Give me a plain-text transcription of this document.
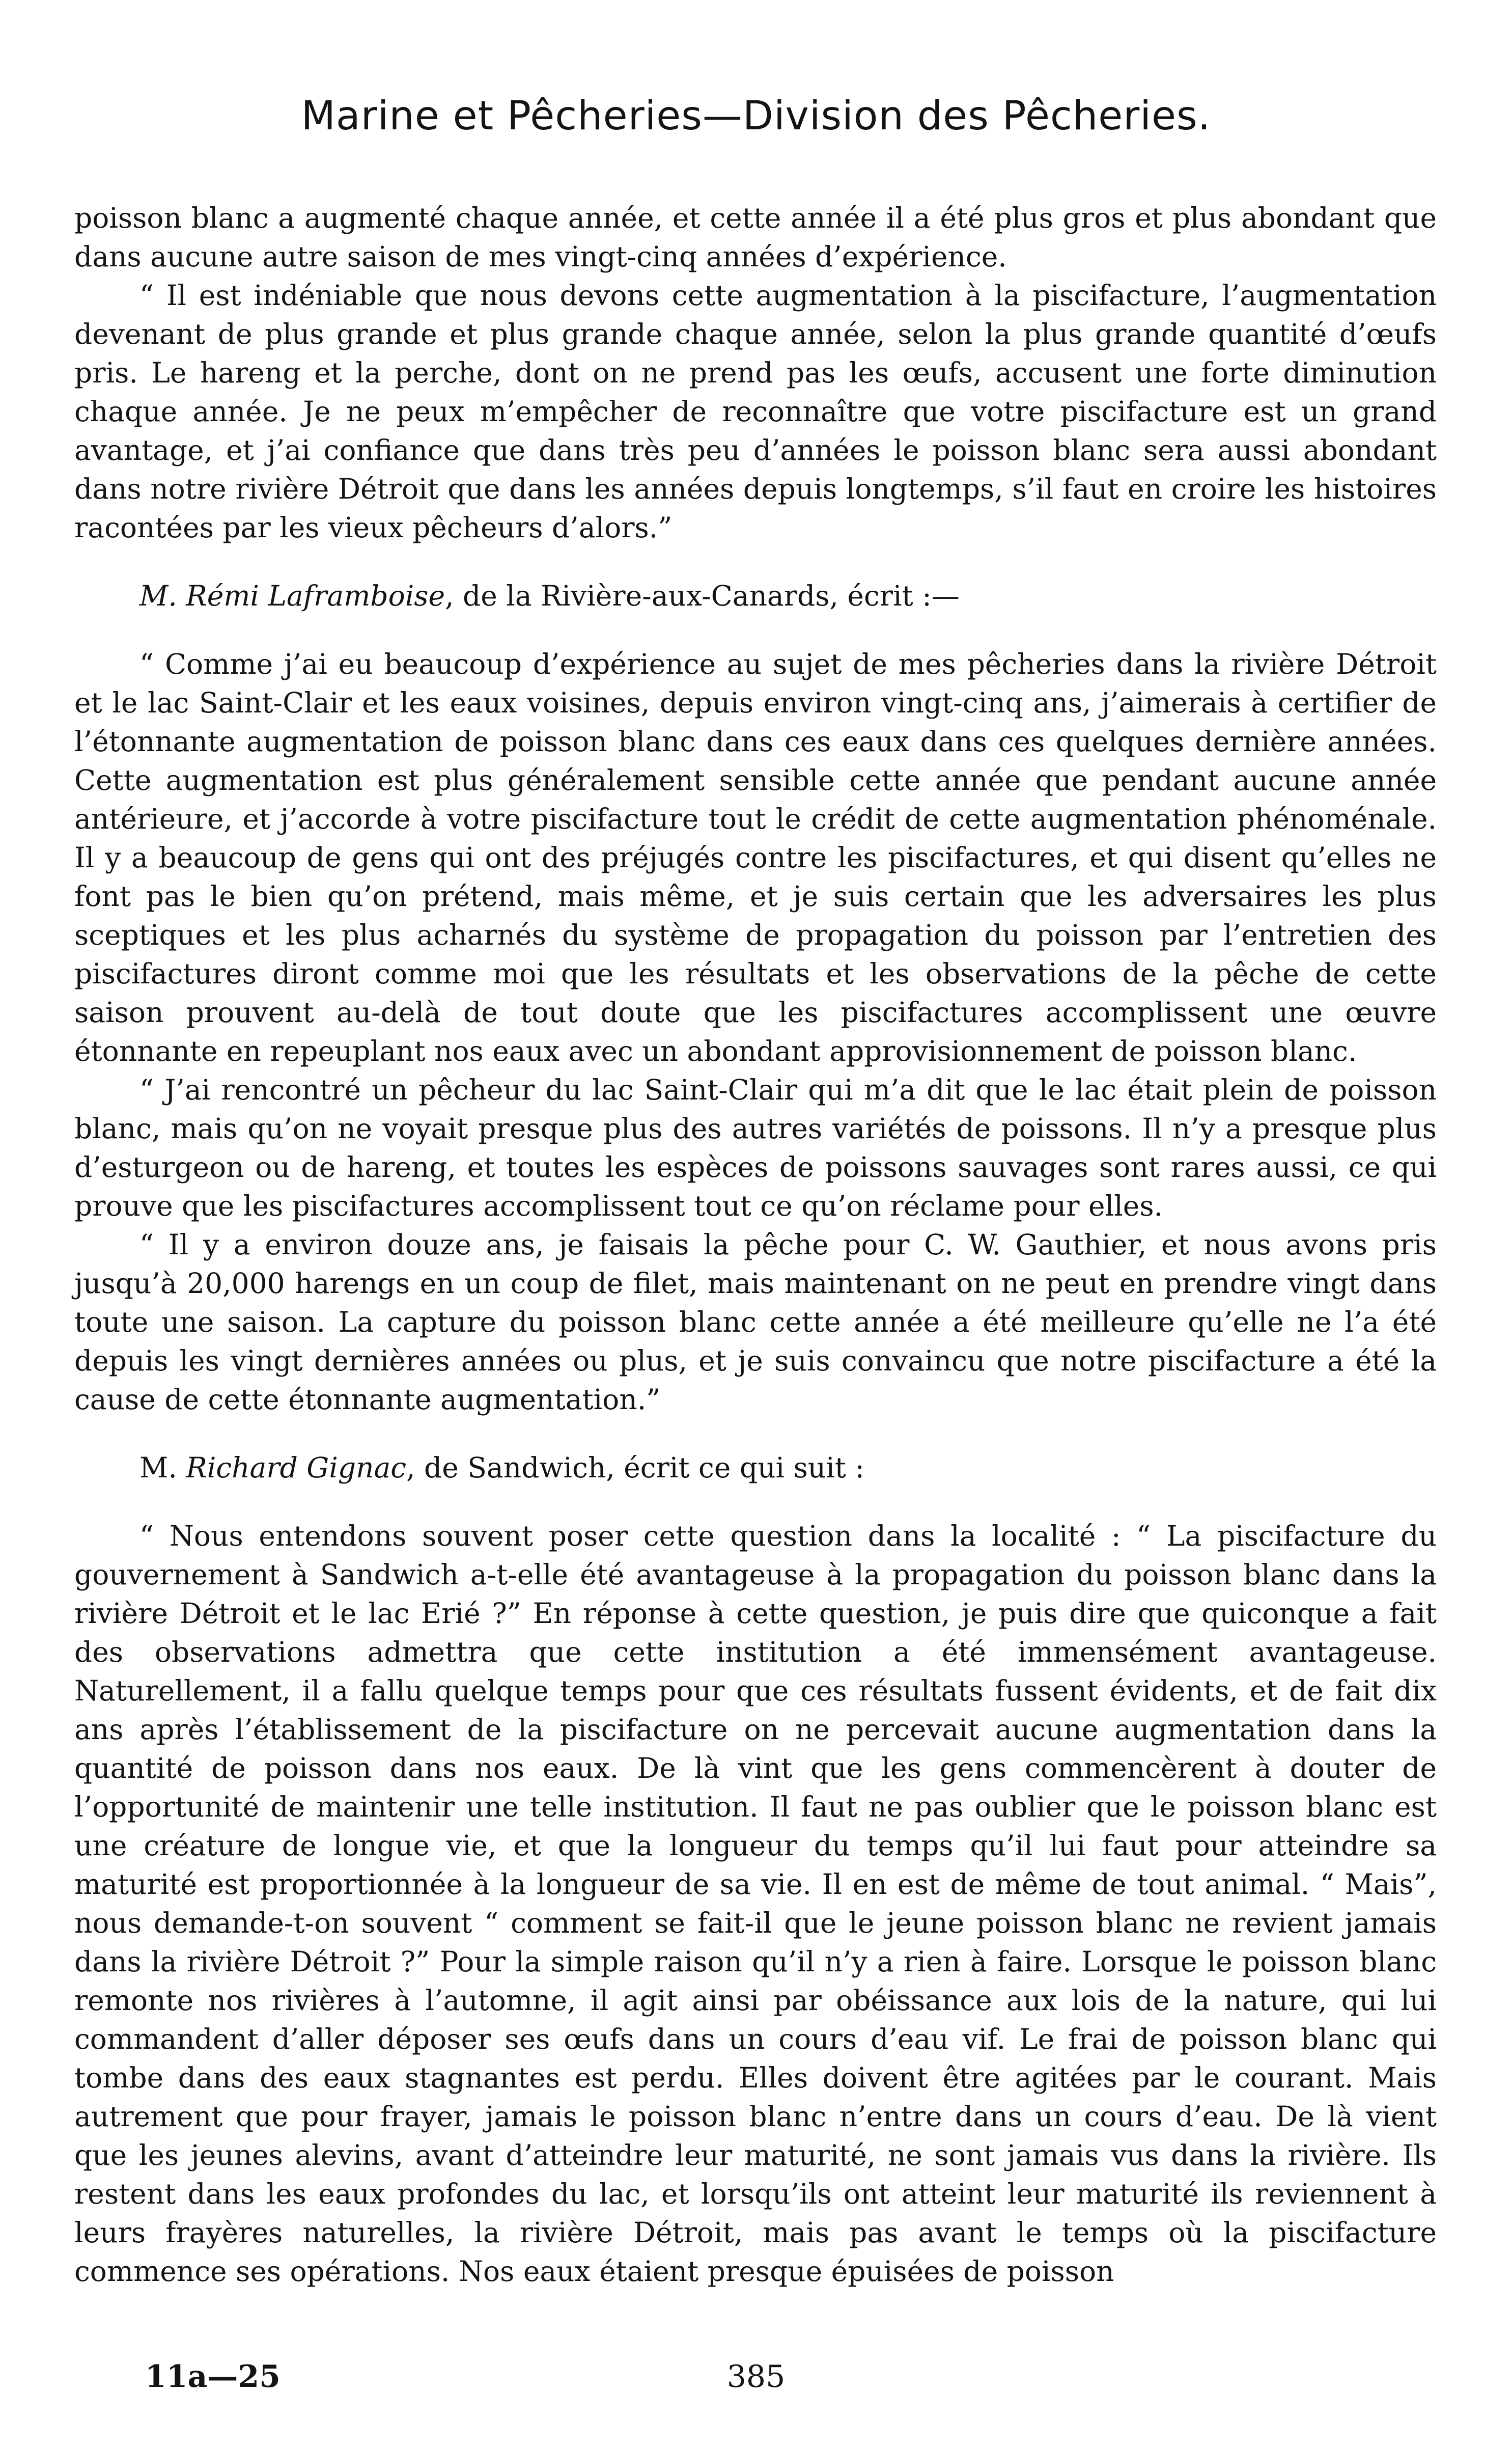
Marine et Pêcheries—Division des Pêcheries.

poisson blanc a augmenté chaque année, et cette année il a été plus gros et plus abondant que dans aucune autre saison de mes vingt-cinq années d’expérience.

“ Il est indéniable que nous devons cette augmentation à la piscifacture, l’augmentation devenant de plus grande et plus grande chaque année, selon la plus grande quantité d’œufs pris. Le hareng et la perche, dont on ne prend pas les œufs, accusent une forte diminution chaque année. Je ne peux m’empêcher de reconnaître que votre piscifacture est un grand avantage, et j’ai confiance que dans très peu d’années le poisson blanc sera aussi abondant dans notre rivière Détroit que dans les années depuis longtemps, s’il faut en croire les histoires racontées par les vieux pêcheurs d’alors.”

M. Rémi Laframboise, de la Rivière-aux-Canards, écrit :—

“ Comme j’ai eu beaucoup d’expérience au sujet de mes pêcheries dans la rivière Détroit et le lac Saint-Clair et les eaux voisines, depuis environ vingt-cinq ans, j’aimerais à certifier de l’étonnante augmentation de poisson blanc dans ces eaux dans ces quelques dernière années. Cette augmentation est plus généralement sensible cette année que pendant aucune année antérieure, et j’accorde à votre piscifacture tout le crédit de cette augmentation phénoménale. Il y a beaucoup de gens qui ont des préjugés contre les piscifactures, et qui disent qu’elles ne font pas le bien qu’on prétend, mais même, et je suis certain que les adversaires les plus sceptiques et les plus acharnés du système de propagation du poisson par l’entretien des piscifactures diront comme moi que les résultats et les observations de la pêche de cette saison prouvent au-delà de tout doute que les piscifactures accomplissent une œuvre étonnante en repeuplant nos eaux avec un abondant approvisionnement de poisson blanc.

“ J’ai rencontré un pêcheur du lac Saint-Clair qui m’a dit que le lac était plein de poisson blanc, mais qu’on ne voyait presque plus des autres variétés de poissons. Il n’y a presque plus d’esturgeon ou de hareng, et toutes les espèces de poissons sauvages sont rares aussi, ce qui prouve que les piscifactures accomplissent tout ce qu’on réclame pour elles.

“ Il y a environ douze ans, je faisais la pêche pour C. W. Gauthier, et nous avons pris jusqu’à 20,000 harengs en un coup de filet, mais maintenant on ne peut en prendre vingt dans toute une saison. La capture du poisson blanc cette année a été meilleure qu’elle ne l’a été depuis les vingt dernières années ou plus, et je suis convaincu que notre piscifacture a été la cause de cette étonnante augmentation.”

M. Richard Gignac, de Sandwich, écrit ce qui suit :

“ Nous entendons souvent poser cette question dans la localité : “ La piscifacture du gouvernement à Sandwich a-t-elle été avantageuse à la propagation du poisson blanc dans la rivière Détroit et le lac Erié ?” En réponse à cette question, je puis dire que quiconque a fait des observations admettra que cette institution a été immensément avantageuse. Naturellement, il a fallu quelque temps pour que ces résultats fussent évidents, et de fait dix ans après l’établissement de la piscifacture on ne percevait aucune augmentation dans la quantité de poisson dans nos eaux. De là vint que les gens commencèrent à douter de l’opportunité de maintenir une telle institution. Il faut ne pas oublier que le poisson blanc est une créature de longue vie, et que la longueur du temps qu’il lui faut pour atteindre sa maturité est proportionnée à la longueur de sa vie. Il en est de même de tout animal. “ Mais”, nous demande-t-on souvent “ comment se fait-il que le jeune poisson blanc ne revient jamais dans la rivière Détroit ?” Pour la simple raison qu’il n’y a rien à faire. Lorsque le poisson blanc remonte nos rivières à l’automne, il agit ainsi par obéissance aux lois de la nature, qui lui commandent d’aller déposer ses œufs dans un cours d’eau vif. Le frai de poisson blanc qui tombe dans des eaux stagnantes est perdu. Elles doivent être agitées par le courant. Mais autrement que pour frayer, jamais le poisson blanc n’entre dans un cours d’eau. De là vient que les jeunes alevins, avant d’atteindre leur maturité, ne sont jamais vus dans la rivière. Ils restent dans les eaux profondes du lac, et lorsqu’ils ont atteint leur maturité ils reviennent à leurs frayères naturelles, la rivière Détroit, mais pas avant le temps où la piscifacture commence ses opérations. Nos eaux étaient presque épuisées de poisson

11a—25	385
